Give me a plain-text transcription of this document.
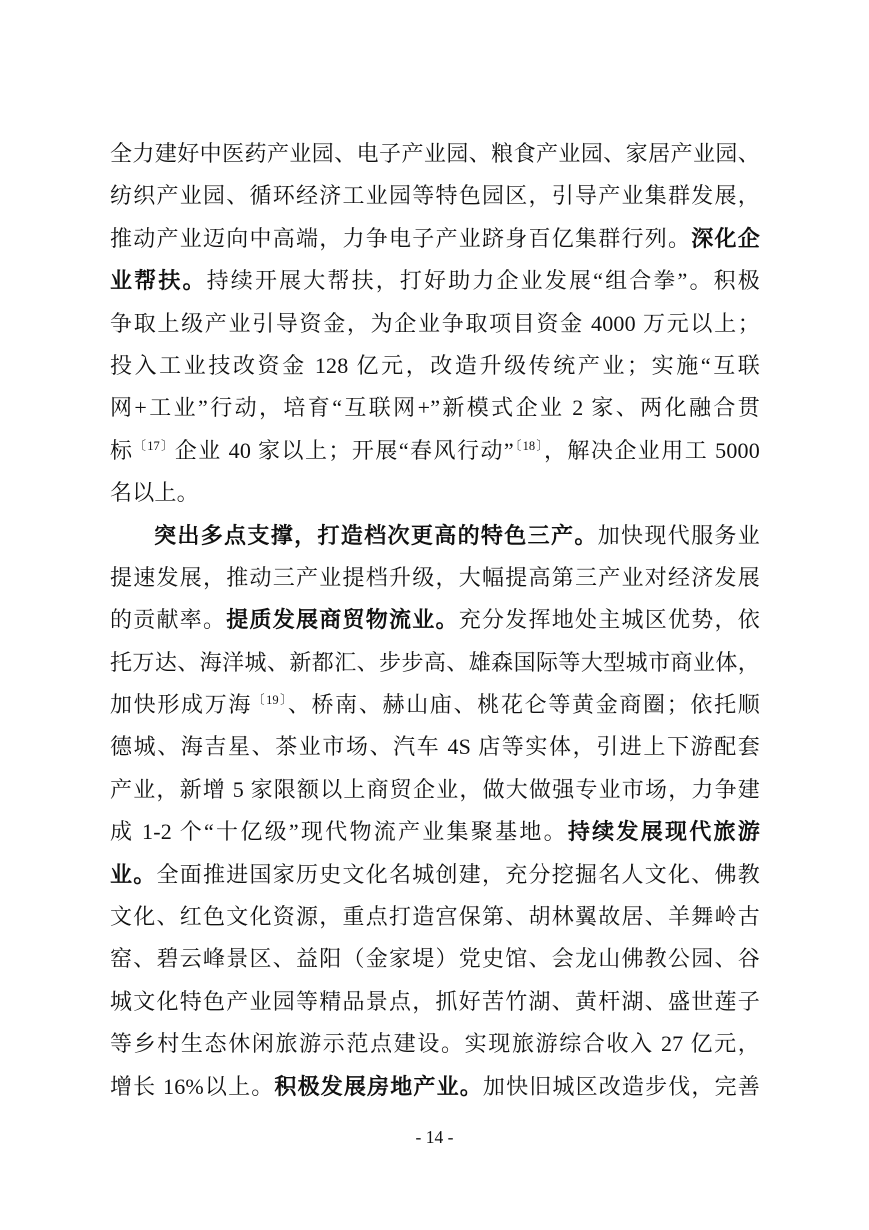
全力建好中医药产业园、电子产业园、粮食产业园、家居产业园、
纺织产业园、循环经济工业园等特色园区，引导产业集群发展，
推动产业迈向中高端，力争电子产业跻身百亿集群行列。深化企
业帮扶。持续开展大帮扶，打好助力企业发展“组合拳”。积极
争取上级产业引导资金，为企业争取项目资金 4000 万元以上；
投入工业技改资金 128 亿元，改造升级传统产业；实施“互联
网+工业”行动，培育“互联网+”新模式企业 2 家、两化融合贯
标$^{〔17〕}$企业 40 家以上；开展“春风行动”$^{〔18〕}$，解决企业用工 5000
名以上。
突出多点支撑，打造档次更高的特色三产。加快现代服务业
提速发展，推动三产业提档升级，大幅提高第三产业对经济发展
的贡献率。提质发展商贸物流业。充分发挥地处主城区优势，依
托万达、海洋城、新都汇、步步高、雄森国际等大型城市商业体，
加快形成万海$^{〔19〕}$、桥南、赫山庙、桃花仑等黄金商圈；依托顺
德城、海吉星、茶业市场、汽车 4S 店等实体，引进上下游配套
产业，新增 5 家限额以上商贸企业，做大做强专业市场，力争建
成 1-2 个“十亿级”现代物流产业集聚基地。持续发展现代旅游
业。全面推进国家历史文化名城创建，充分挖掘名人文化、佛教
文化、红色文化资源，重点打造宫保第、胡林翼故居、羊舞岭古
窑、碧云峰景区、益阳（金家堤）党史馆、会龙山佛教公园、谷
城文化特色产业园等精品景点，抓好苦竹湖、黄杆湖、盛世莲子
等乡村生态休闲旅游示范点建设。实现旅游综合收入 27 亿元，
增长 16%以上。积极发展房地产业。加快旧城区改造步伐，完善
- 14 -
